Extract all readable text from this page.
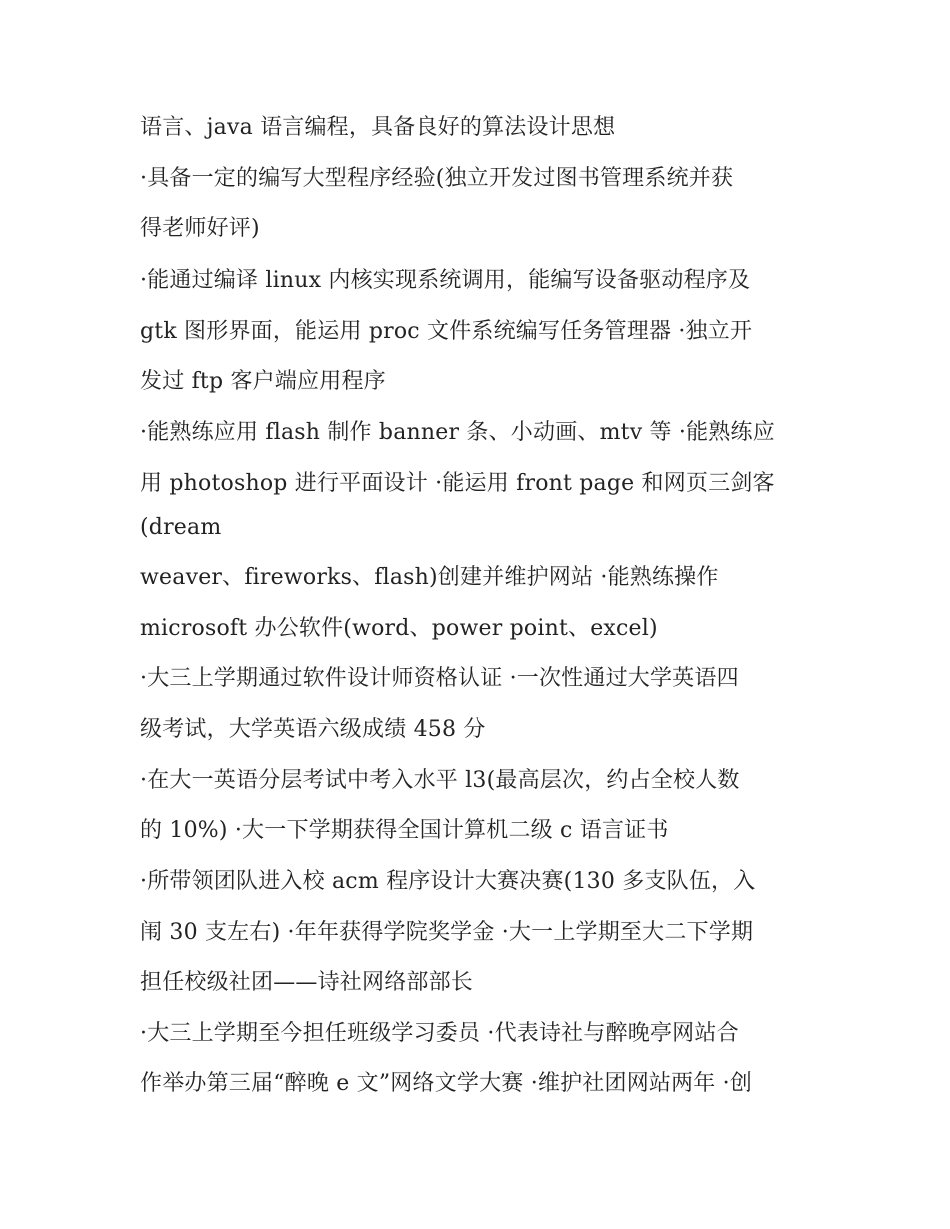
语言、java 语言编程，具备良好的算法设计思想

·具备一定的编写大型程序经验(独立开发过图书管理系统并获

得老师好评)

·能通过编译 linux 内核实现系统调用，能编写设备驱动程序及

gtk 图形界面，能运用 proc 文件系统编写任务管理器 ·独立开

发过 ftp 客户端应用程序

·能熟练应用 flash 制作 banner 条、小动画、mtv 等 ·能熟练应

用 photoshop 进行平面设计 ·能运用 front page 和网页三剑客

(dream

weaver、fireworks、flash)创建并维护网站 ·能熟练操作

microsoft 办公软件(word、power point、excel)

·大三上学期通过软件设计师资格认证 ·一次性通过大学英语四

级考试，大学英语六级成绩 458 分

·在大一英语分层考试中考入水平 l3(最高层次，约占全校人数

的 10%) ·大一下学期获得全国计算机二级 c 语言证书

·所带领团队进入校 acm 程序设计大赛决赛(130 多支队伍，入

闱 30 支左右) ·年年获得学院奖学金 ·大一上学期至大二下学期

担任校级社团——诗社网络部部长

·大三上学期至今担任班级学习委员 ·代表诗社与醉晚亭网站合

作举办第三届“醉晚 e 文”网络文学大赛 ·维护社团网站两年 ·创
